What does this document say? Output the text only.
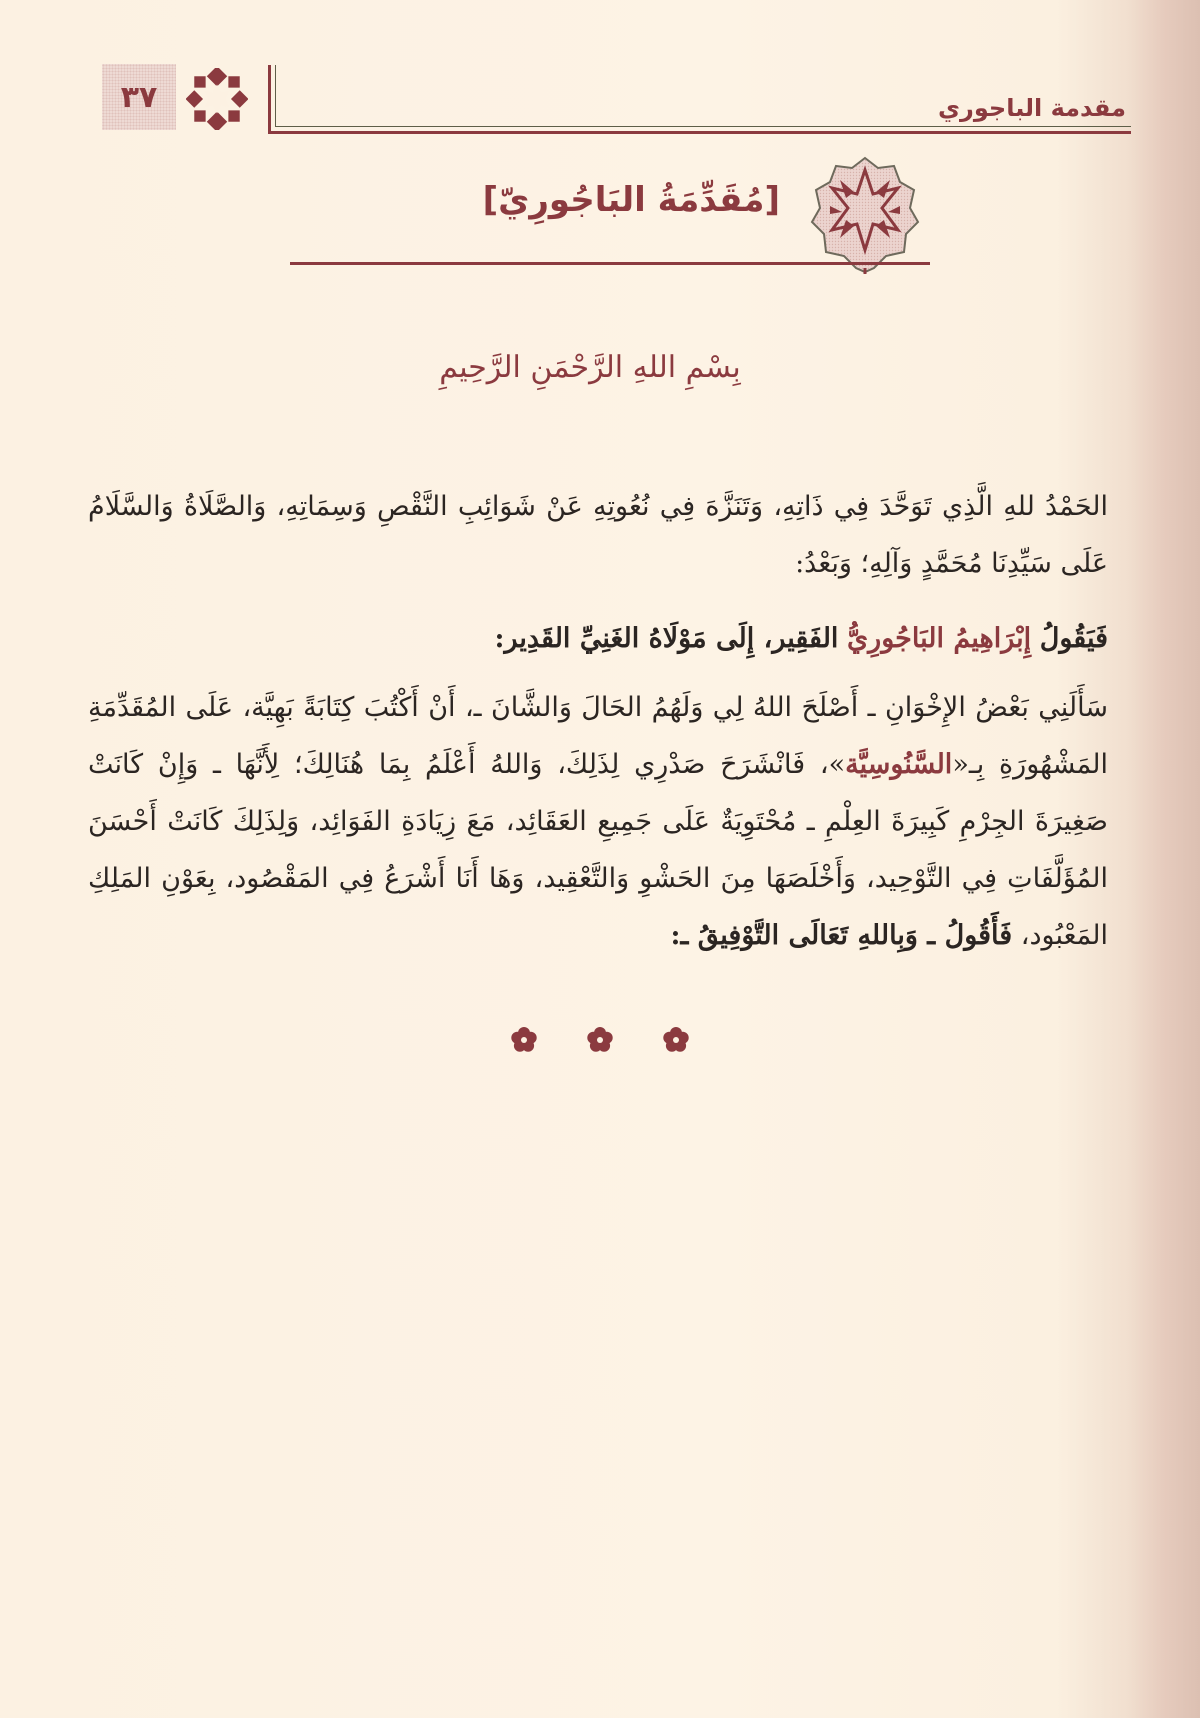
٣٧	مقدمة الباجوري
[مُقَدِّمَةُ البَاجُورِيّ]
بِسْمِ اللهِ الرَّحْمَنِ الرَّحِيمِ

الحَمْدُ للهِ الَّذِي تَوَحَّدَ فِي ذَاتِهِ، وَتَنَزَّهَ فِي نُعُوتِهِ عَنْ شَوَائِبِ النَّقْصِ وَسِمَاتِهِ، وَالصَّلَاةُ وَالسَّلَامُ عَلَى سَيِّدِنَا مُحَمَّدٍ وَآلِهِ؛ وَبَعْدُ:

فَيَقُولُ إِبْرَاهِيمُ البَاجُورِيُّ الفَقِير، إِلَى مَوْلَاهُ الغَنِيِّ القَدِير:

سَأَلَنِي بَعْضُ الإِخْوَانِ ـ أَصْلَحَ اللهُ لِي وَلَهُمُ الحَالَ وَالشَّانَ ـ، أَنْ أَكْتُبَ كِتَابَةً بَهِيَّة، عَلَى المُقَدِّمَةِ المَشْهُورَةِ بِـ«السَّنُوسِيَّة»، فَانْشَرَحَ صَدْرِي لِذَلِكَ، وَاللهُ أَعْلَمُ بِمَا هُنَالِكَ؛ لِأَنَّهَا ـ وَإِنْ كَانَتْ صَغِيرَةَ الجِرْمِ كَبِيرَةَ العِلْمِ ـ مُحْتَوِيَةٌ عَلَى جَمِيعِ العَقَائِد، مَعَ زِيَادَةِ الفَوَائِد، وَلِذَلِكَ كَانَتْ أَحْسَنَ المُؤَلَّفَاتِ فِي التَّوْحِيد، وَأَخْلَصَهَا مِنَ الحَشْوِ وَالتَّعْقِيد، وَهَا أَنَا أَشْرَعُ فِي المَقْصُود، بِعَوْنِ المَلِكِ المَعْبُود، فَأَقُولُ ـ وَبِاللهِ تَعَالَى التَّوْفِيقُ ـ:
